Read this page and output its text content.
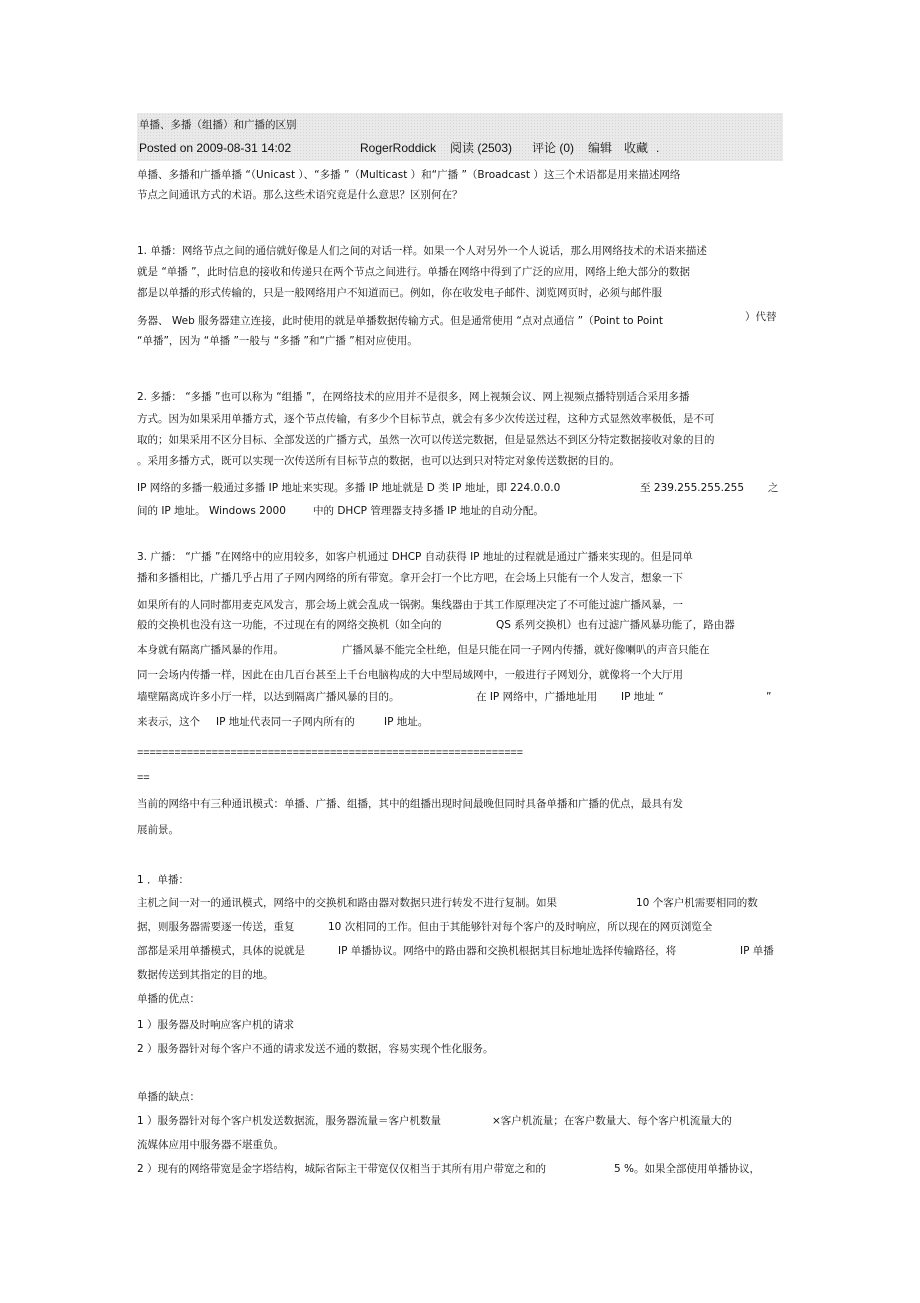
单播、多播（组播）和广播的区别
Posted on 2009-08-31 14:02	RogerRoddick 阅读 (2503) 评论 (0) 编辑 收藏 .
单播、多播和广播单播 “（Unicast ）、“多播 ”（Multicast ）和“广播 ”（Broadcast ）这三个术语都是用来描述网络
节点之间通讯方式的术语。那么这些术语究竟是什么意思？区别何在？
1. 单播：网络节点之间的通信就好像是人们之间的对话一样。如果一个人对另外一个人说话，那么用网络技术的术语来描述
就是 “单播 ”，此时信息的接收和传递只在两个节点之间进行。单播在网络中得到了广泛的应用，网络上绝大部分的数据
都是以单播的形式传输的，只是一般网络用户不知道而已。例如，你在收发电子邮件、浏览网页时，必须与邮件服
务器、 Web 服务器建立连接，此时使用的就是单播数据传输方式。但是通常使用 “点对点通信 ”（Point to Point	）代替
“单播”，因为 “单播 ”一般与 “多播 ”和“广播 ”相对应使用。
2. 多播： “多播 ”也可以称为 “组播 ”，在网络技术的应用并不是很多，网上视频会议、网上视频点播特别适合采用多播
方式。因为如果采用单播方式，逐个节点传输，有多少个目标节点，就会有多少次传送过程，这种方式显然效率极低，是不可
取的；如果采用不区分目标、全部发送的广播方式，虽然一次可以传送完数据，但是显然达不到区分特定数据接收对象的目的
。采用多播方式，既可以实现一次传送所有目标节点的数据，也可以达到只对特定对象传送数据的目的。
IP 网络的多播一般通过多播 IP 地址来实现。多播 IP 地址就是 D 类 IP 地址，即 224.0.0.0	至 239.255.255.255 之
间的 IP 地址。 Windows 2000	中的 DHCP 管理器支持多播 IP 地址的自动分配。
3. 广播： “广播 ”在网络中的应用较多，如客户机通过 DHCP 自动获得 IP 地址的过程就是通过广播来实现的。但是同单
播和多播相比，广播几乎占用了子网内网络的所有带宽。拿开会打一个比方吧，在会场上只能有一个人发言，想象一下
如果所有的人同时都用麦克风发言，那会场上就会乱成一锅粥。集线器由于其工作原理决定了不可能过滤广播风暴，一
般的交换机也没有这一功能，不过现在有的网络交换机（如全向的	QS 系列交换机）也有过滤广播风暴功能了，路由器
本身就有隔离广播风暴的作用。	广播风暴不能完全杜绝，但是只能在同一子网内传播，就好像喇叭的声音只能在
同一会场内传播一样，因此在由几百台甚至上千台电脑构成的大中型局域网中，一般进行子网划分，就像将一个大厅用
墙壁隔离成许多小厅一样，以达到隔离广播风暴的目的。	在 IP 网络中，广播地址用 IP 地址 “	”
来表示，这个 IP 地址代表同一子网内所有的	IP 地址。
==============================================================
==
当前的网络中有三种通讯模式：单播、广播、组播，其中的组播出现时间最晚但同时具备单播和广播的优点，最具有发
展前景。
1 ．单播：
主机之间一对一的通讯模式，网络中的交换机和路由器对数据只进行转发不进行复制。如果	10 个客户机需要相同的数
据，则服务器需要逐一传送，重复	10 次相同的工作。但由于其能够针对每个客户的及时响应，所以现在的网页浏览全
部都是采用单播模式，具体的说就是	IP 单播协议。网络中的路由器和交换机根据其目标地址选择传输路径，将	IP 单播
数据传送到其指定的目的地。
单播的优点：
1 ）服务器及时响应客户机的请求
2 ）服务器针对每个客户不通的请求发送不通的数据，容易实现个性化服务。
单播的缺点：
1 ）服务器针对每个客户机发送数据流，服务器流量＝客户机数量	×客户机流量；在客户数量大、每个客户机流量大的
流媒体应用中服务器不堪重负。
2 ）现有的网络带宽是金字塔结构，城际省际主干带宽仅仅相当于其所有用户带宽之和的	5 %。如果全部使用单播协议，
